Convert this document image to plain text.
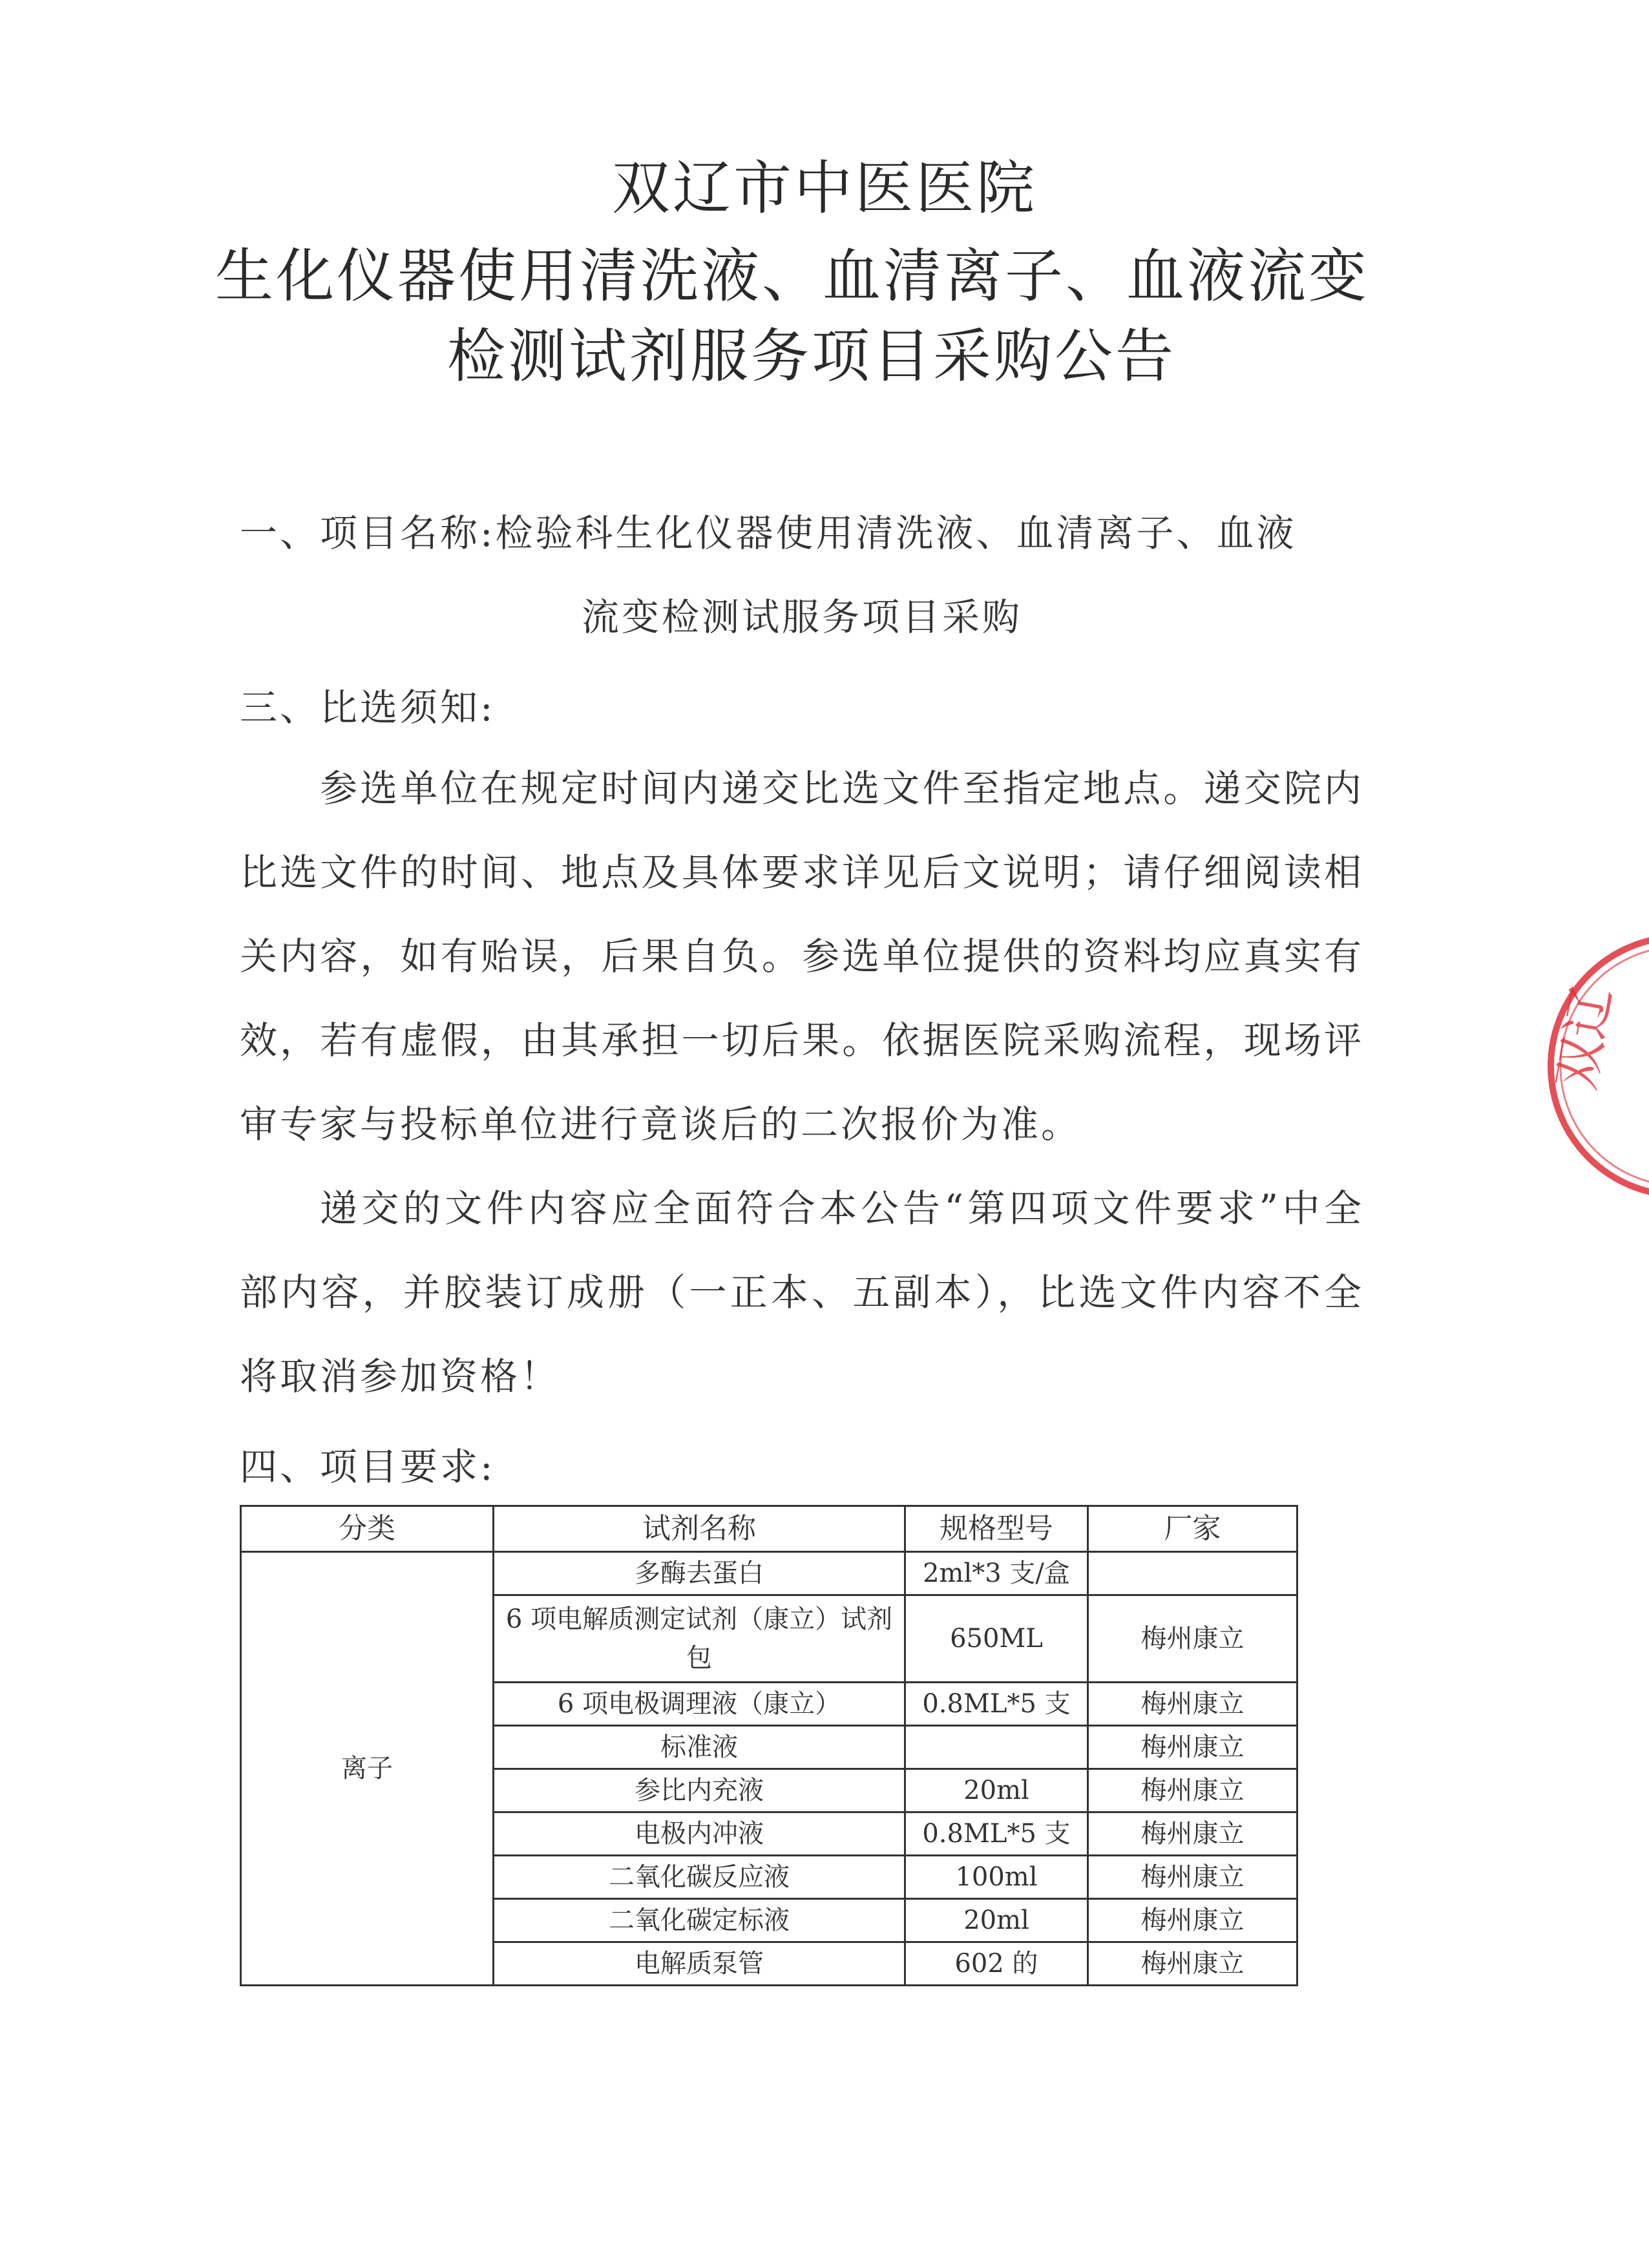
双辽市中医医院
生化仪器使用清洗液、血清离子、血液流变
检测试剂服务项目采购公告
一、项目名称:检验科生化仪器使用清洗液、血清离子、血液
流变检测试服务项目采购
三、比选须知:
参选单位在规定时间内递交比选文件至指定地点。递交院内比选文件的时间、地点及具体要求详见后文说明；请仔细阅读相关内容，如有贻误，后果自负。参选单位提供的资料均应真实有效，若有虚假，由其承担一切后果。依据医院采购流程，现场评审专家与投标单位进行竟谈后的二次报价为准。
递交的文件内容应全面符合本公告“第四项文件要求”中全部内容，并胶装订成册（一正本、五副本），比选文件内容不全将取消参加资格！
四、项目要求:
分类	试剂名称	规格型号	厂家
离子	多酶去蛋白	2ml*3 支/盒	
	6 项电解质测定试剂（康立）试剂包	650ML	梅州康立
	6 项电极调理液（康立）	0.8ML*5 支	梅州康立
	标准液		梅州康立
	参比内充液	20ml	梅州康立
	电极内冲液	0.8ML*5 支	梅州康立
	二氧化碳反应液	100ml	梅州康立
	二氧化碳定标液	20ml	梅州康立
	电解质泵管	602 的	梅州康立
双辽
